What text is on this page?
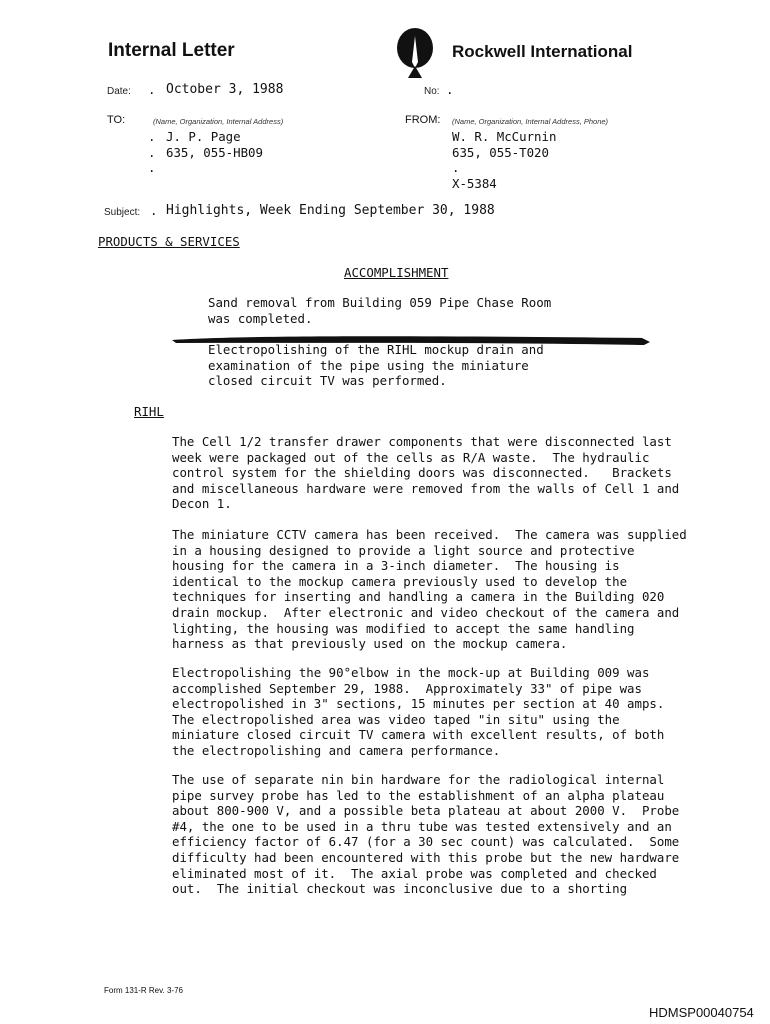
Internal Letter	Rockwell International
Date: . October 3, 1988	No: .
TO:	(Name, Organization, Internal Address)
.
.
.
J. P. Page
635, 055-HB09
FROM: (Name, Organization, Internal Address, Phone)
W. R. McCurnin
635, 055-T020
.
X-5384
Subject: . Highlights, Week Ending September 30, 1988
PRODUCTS & SERVICES
ACCOMPLISHMENT
Sand removal from Building 059 Pipe Chase Room
was completed.
Electropolishing of the RIHL mockup drain and
examination of the pipe using the miniature
closed circuit TV was performed.
RIHL
The Cell 1/2 transfer drawer components that were disconnected last
week were packaged out of the cells as R/A waste.  The hydraulic
control system for the shielding doors was disconnected.   Brackets
and miscellaneous hardware were removed from the walls of Cell 1 and
Decon 1.
The miniature CCTV camera has been received.  The camera was supplied
in a housing designed to provide a light source and protective
housing for the camera in a 3-inch diameter.  The housing is
identical to the mockup camera previously used to develop the
techniques for inserting and handling a camera in the Building 020
drain mockup.  After electronic and video checkout of the camera and
lighting, the housing was modified to accept the same handling
harness as that previously used on the mockup camera.
Electropolishing the 90°elbow in the mock-up at Building 009 was
accomplished September 29, 1988.  Approximately 33" of pipe was
electropolished in 3" sections, 15 minutes per section at 40 amps.
The electropolished area was video taped "in situ" using the
miniature closed circuit TV camera with excellent results, of both
the electropolishing and camera performance.
The use of separate nin bin hardware for the radiological internal
pipe survey probe has led to the establishment of an alpha plateau
about 800-900 V, and a possible beta plateau at about 2000 V.  Probe
#4, the one to be used in a thru tube was tested extensively and an
efficiency factor of 6.47 (for a 30 sec count) was calculated.  Some
difficulty had been encountered with this probe but the new hardware
eliminated most of it.  The axial probe was completed and checked
out.  The initial checkout was inconclusive due to a shorting
Form 131-R Rev. 3-76
HDMSP00040754
